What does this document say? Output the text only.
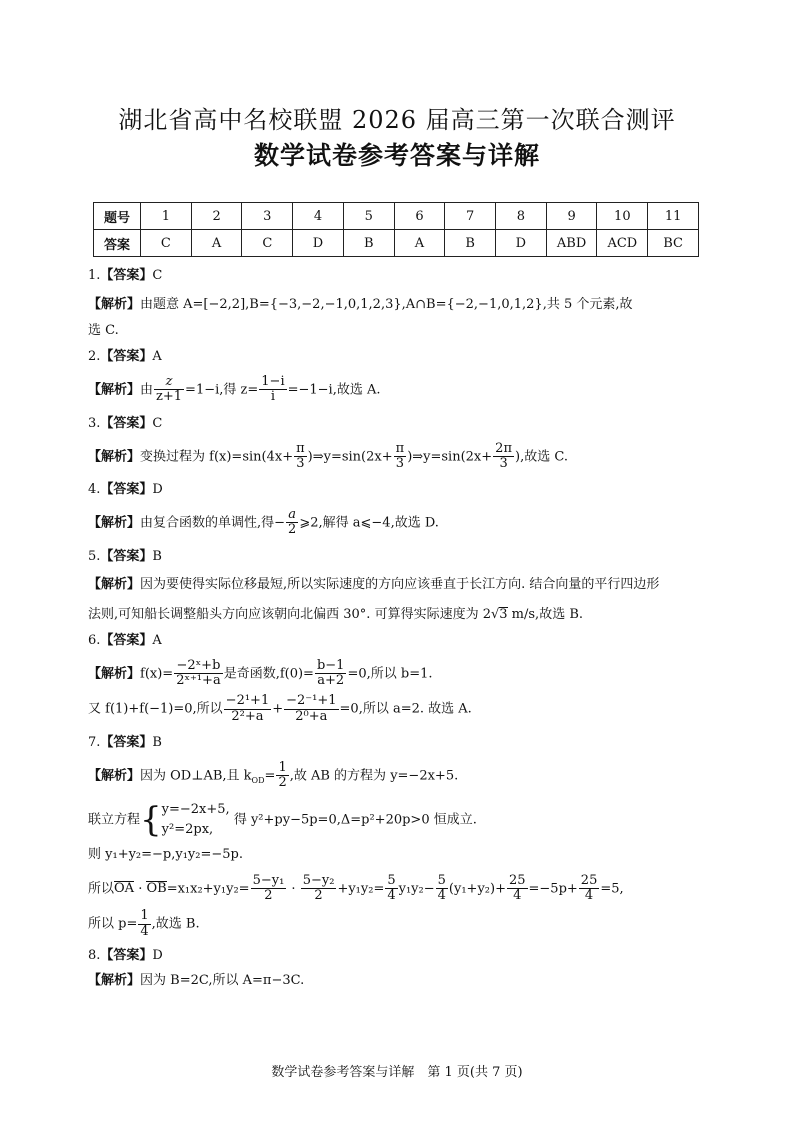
湖北省高中名校联盟 2026 届高三第一次联合测评
数学试卷参考答案与详解
题号	1	2	3	4	5	6	7	8	9	10	11
答案	C	A	C	D	B	A	B	D	ABD	ACD	BC
1.【答案】C
【解析】由题意 A=[−2,2],B={−3,−2,−1,0,1,2,3},A∩B={−2,−1,0,1,2},共 5 个元素,故
选 C.
2.【答案】A
【解析】由 $\frac{z}{z+1} =1-i$,得 $z= \frac{1-i}{i} =-1-i$,故选 A.
3.【答案】C
【解析】变换过程为 $f(x)=\sin(4x+ \frac{\pi}{3}$ )⇒y=sin(2x+ $\frac{\pi}{3}$ )⇒y=sin(2x+ $\frac{2\pi}{3}$ ),故选 C.
4.【答案】D
【解析】由复合函数的单调性,得− $\frac{a}{2}$ ⩾2,解得 a⩽−4,故选 D.
5.【答案】B
【解析】因为要使得实际位移最短,所以实际速度的方向应该垂直于长江方向. 结合向量的平行四边形
法则,可知船长调整船头方向应该朝向北偏西 30°. 可算得实际速度为 2√3 m/s,故选 B.
6.【答案】A
【解析】$f(x)= \frac{\text{−2ˣ+b}}{\text{2ˣ⁺¹+a}}$ 是奇函数$,f(0)= \frac{b-1}{a+2} =0$,所以 b=1.
又 f(1)+f(−1)=0,所以 $\frac{\text{−2¹+1}}{\text{2²+a}} + \frac{\text{−2⁻¹+1}}{\text{2⁰+a}} =0$,所以 a=2. 故选 A.
7.【答案】B
【解析】因为 OD⊥AB,且 $k_{OD}= \frac{1}{2}$ ,故 AB 的方程为 y=−2x+5.
联立方程{ y=−2x+5,
y²=2px,
得 y²+py−5p=0,Δ=p²+20p>0 恒成立.
则 y₁+y₂=−p,y₁y₂=−5p.
所以OA · $OB=x_1x_2+y_1y_2= \frac{\text{5−y₁}}{2} \cdot \frac{\text{5−y₂}}{2} +y_1y_2= \frac{5}{4} y_1y_2- \frac{5}{4} (y_1+y_2)+ \frac{25}{4} =-5p+ \frac{25}{4} =5$,
所以 $p= \frac{1}{4}$ ,故选 B.
8.【答案】D
【解析】因为 B=2C,所以 A=π−3C.
数学试卷参考答案与详解　第 1 页(共 7 页)
